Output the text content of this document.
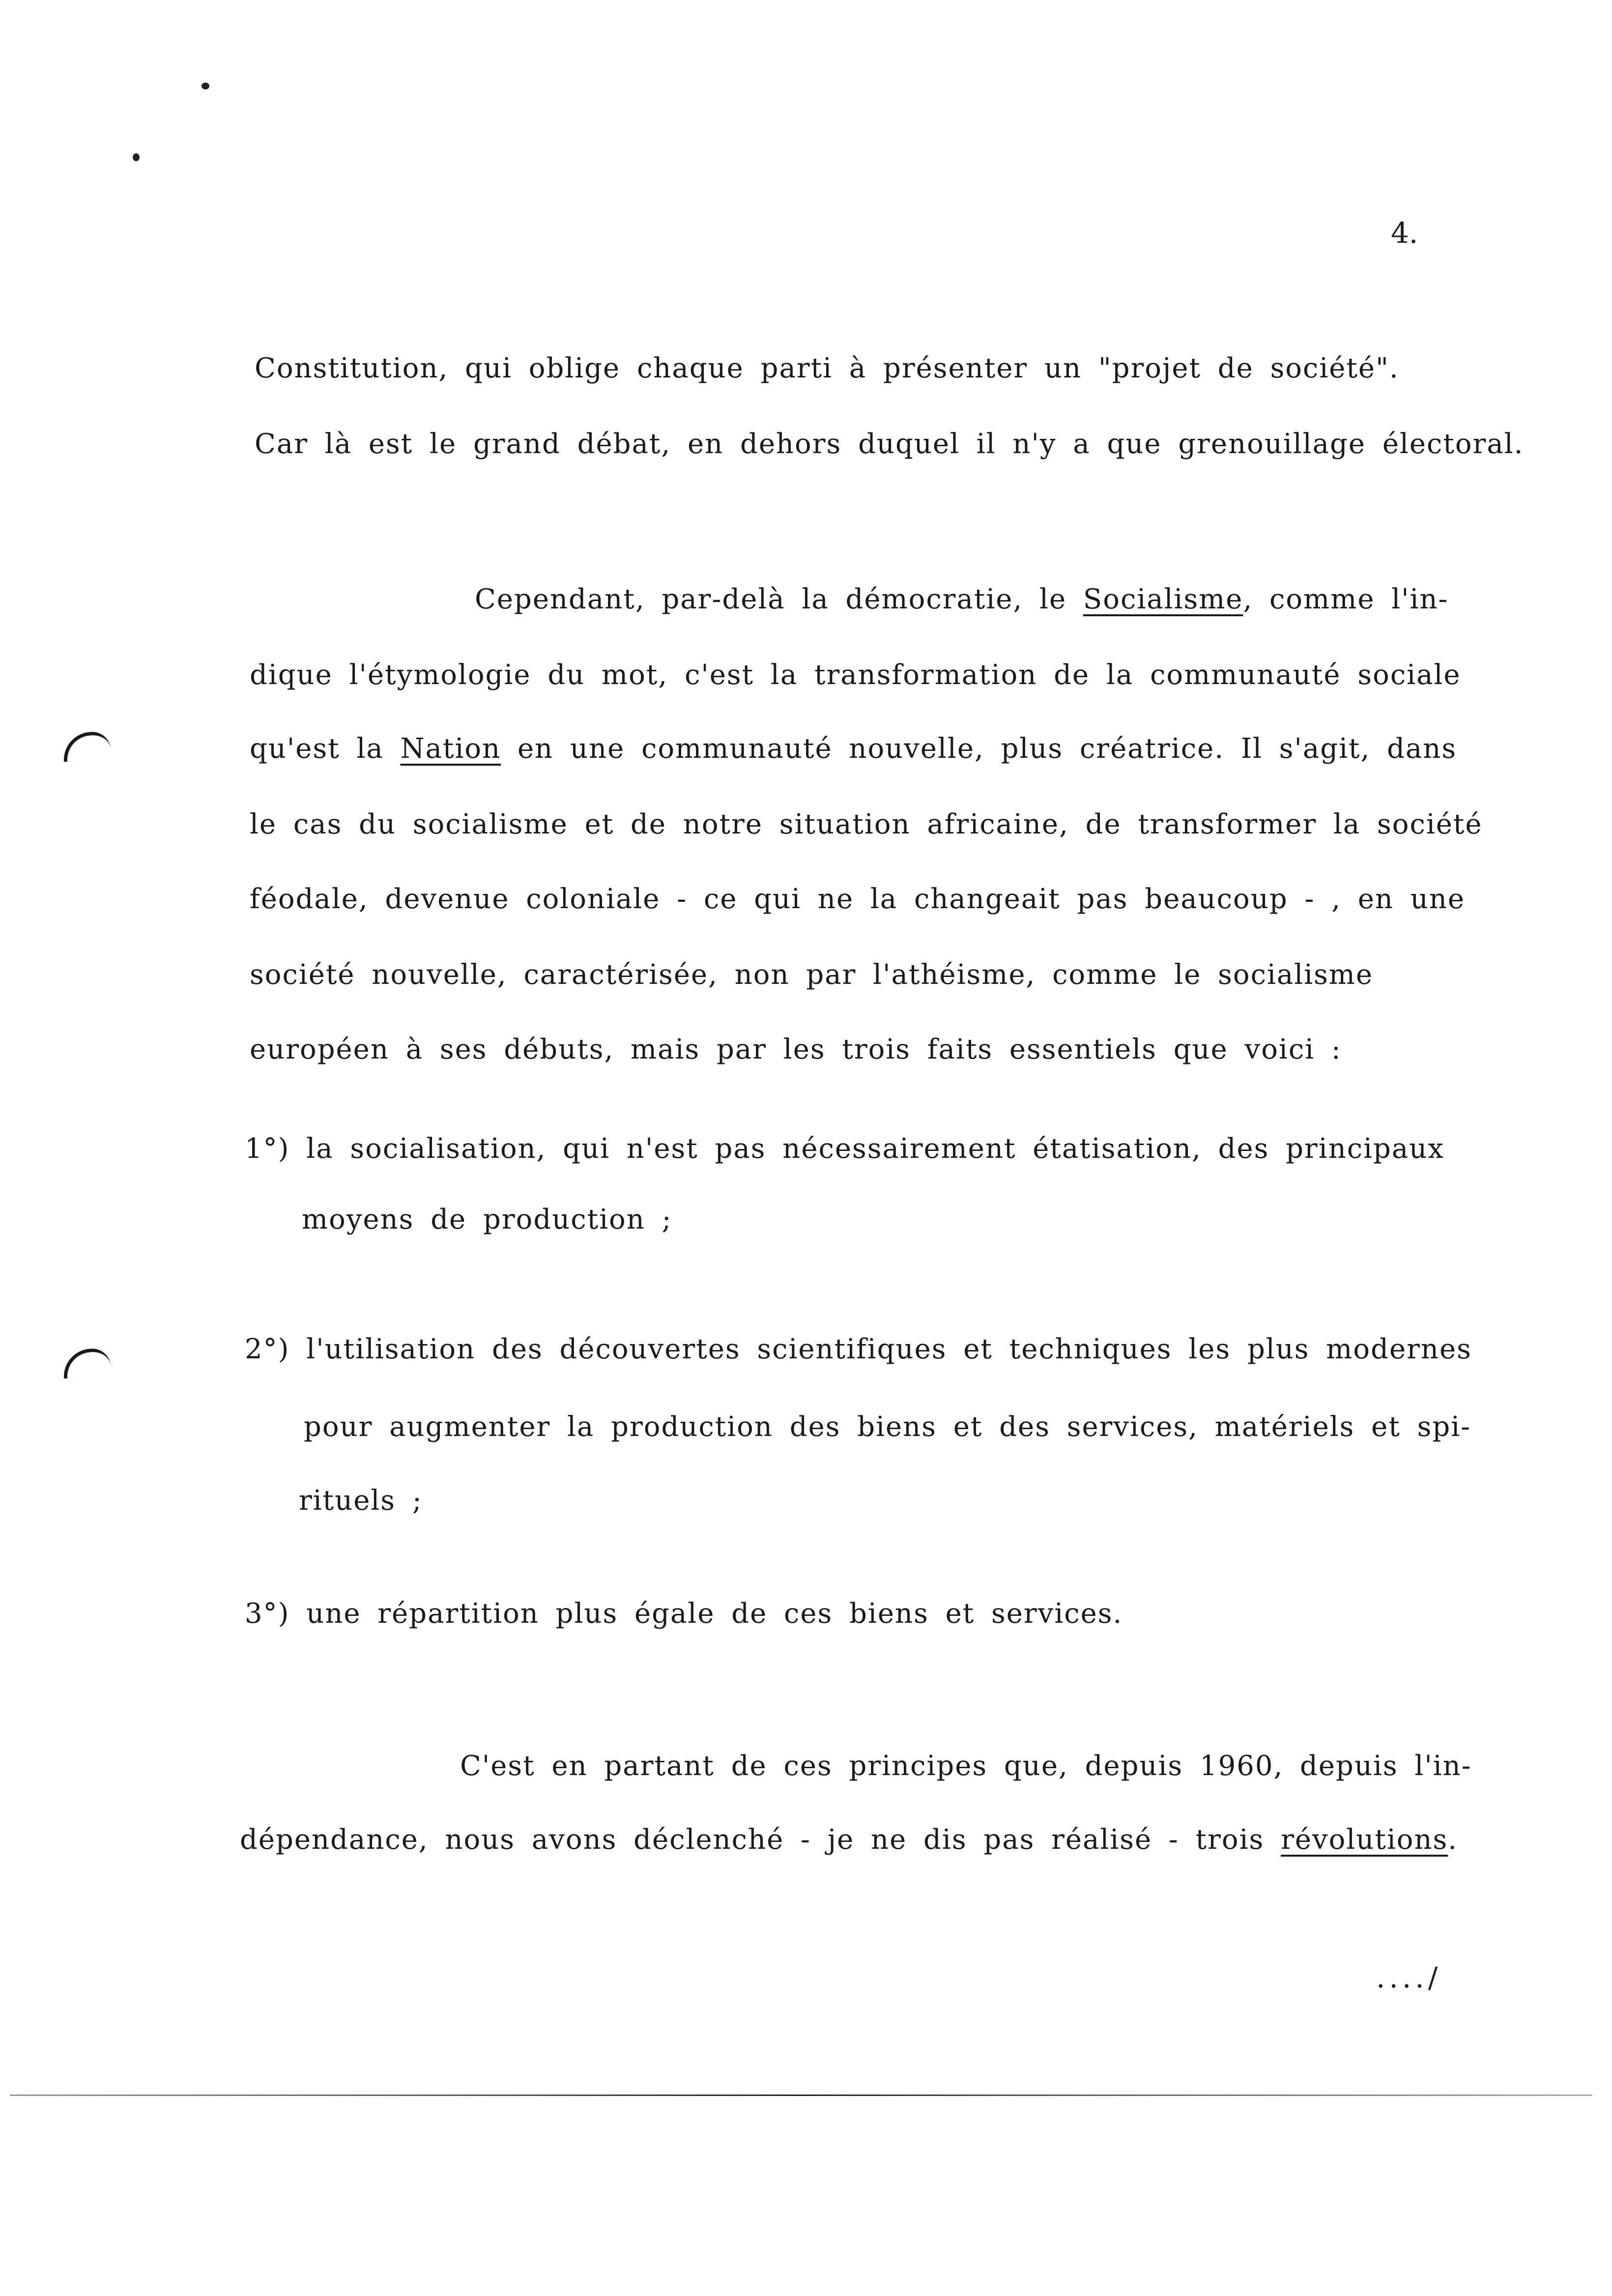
4.
Constitution, qui oblige chaque parti à présenter un "projet de société".
Car là est le grand débat, en dehors duquel il n'y a que grenouillage électoral.
Cependant, par-delà la démocratie, le Socialisme, comme l'in-
dique l'étymologie du mot, c'est la transformation de la communauté sociale
qu'est la Nation en une communauté nouvelle, plus créatrice. Il s'agit, dans
le cas du socialisme et de notre situation africaine, de transformer la société
féodale, devenue coloniale - ce qui ne la changeait pas beaucoup - , en une
société nouvelle, caractérisée, non par l'athéisme, comme le socialisme
européen à ses débuts, mais par les trois faits essentiels que voici :
1°) la socialisation, qui n'est pas nécessairement étatisation, des principaux
moyens de production ;
2°) l'utilisation des découvertes scientifiques et techniques les plus modernes
pour augmenter la production des biens et des services, matériels et spi-
rituels ;
3°) une répartition plus égale de ces biens et services.
C'est en partant de ces principes que, depuis 1960, depuis l'in-
dépendance, nous avons déclenché - je ne dis pas réalisé - trois révolutions.
..../
